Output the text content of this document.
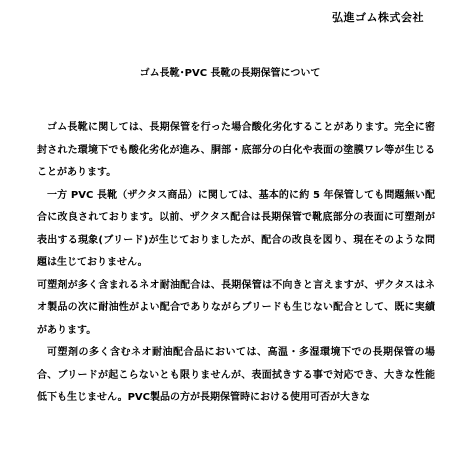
弘進ゴム株式会社
ゴム長靴･PVC 長靴の長期保管について

ゴム長靴に関しては、長期保管を行った場合酸化劣化することがあります。完全に密封された環境下でも酸化劣化が進み、胴部・底部分の白化や表面の塗膜ワレ等が生じることがあります。

一方 PVC 長靴（ザクタス商品）に関しては、基本的に約 5 年保管しても問題無い配合に改良されております。以前、ザクタス配合は長期保管で靴底部分の表面に可塑剤が表出する現象(ブリード)が生じておりましたが、配合の改良を図り、現在そのような問題は生じておりません。

可塑剤が多く含まれるネオ耐油配合は、長期保管は不向きと言えますが、ザクタスはネオ製品の次に耐油性がよい配合でありながらブリードも生じない配合として、既に実績があります。

可塑剤の多く含むネオ耐油配合品においては、高温・多湿環境下での長期保管の場合、ブリードが起こらないとも限りませんが、表面拭きする事で対応でき、大きな性能低下も生じません。PVC製品の方が長期保管時における使用可否が大きな
